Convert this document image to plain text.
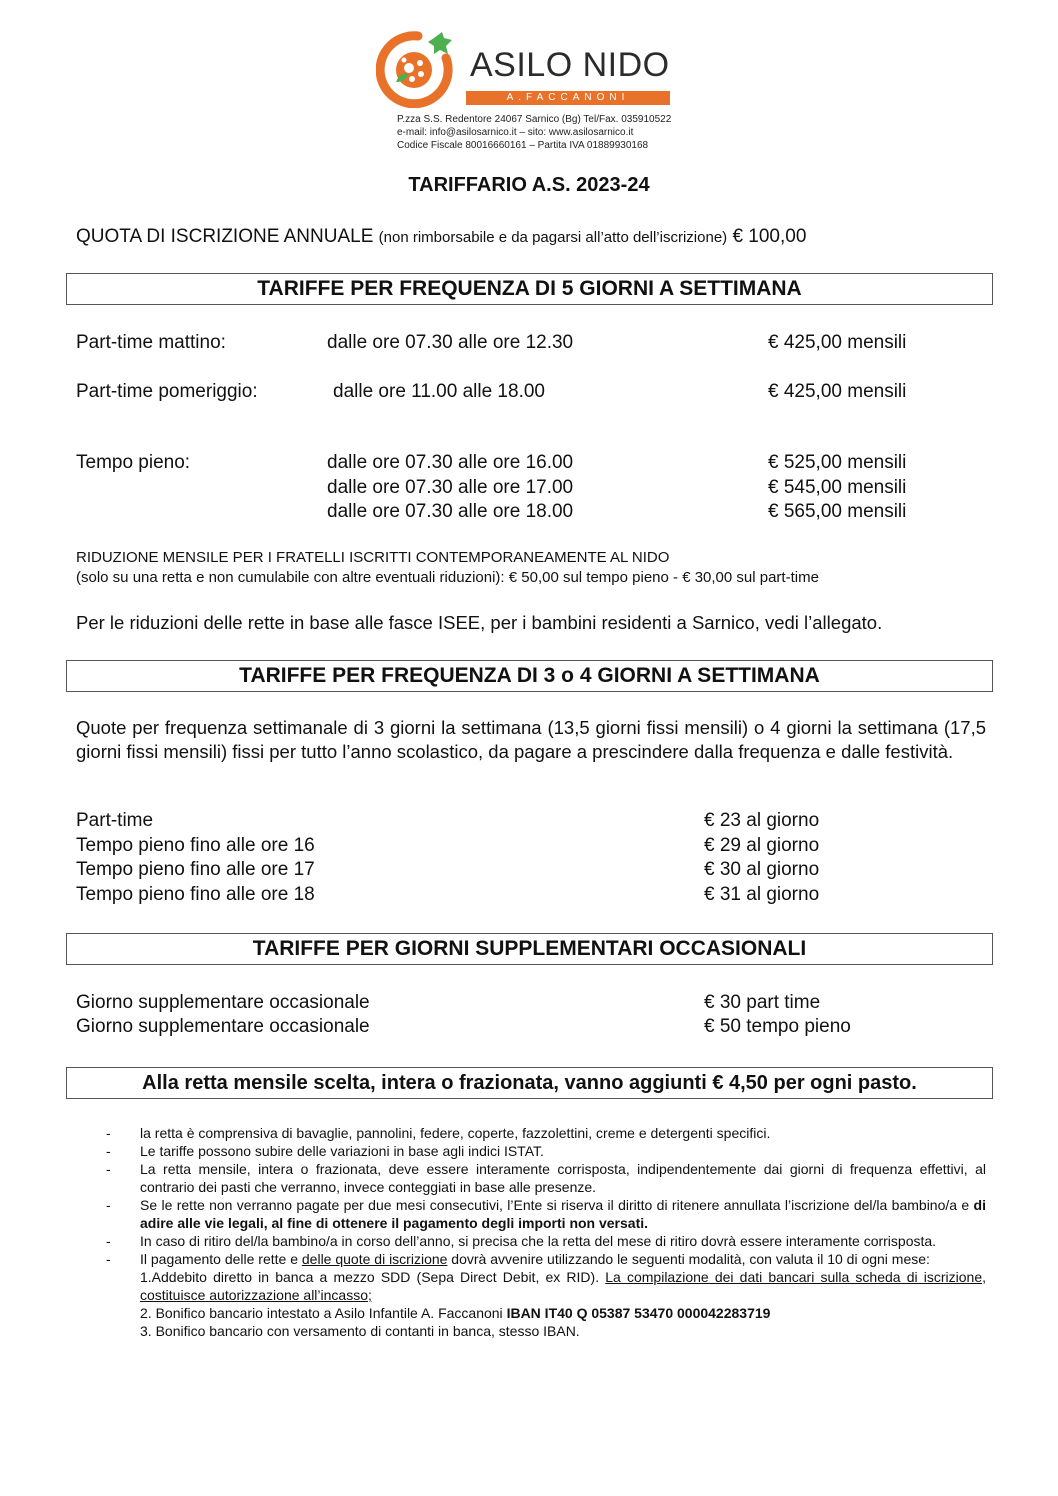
ASILO NIDO
A.FACCANONI
P.zza S.S. Redentore 24067 Sarnico (Bg) Tel/Fax. 035910522
e-mail: info@asilosarnico.it – sito: www.asilosarnico.it
Codice Fiscale 80016660161 – Partita IVA 01889930168
TARIFFARIO A.S. 2023-24
QUOTA DI ISCRIZIONE ANNUALE (non rimborsabile e da pagarsi all’atto dell’iscrizione) € 100,00
TARIFFE PER FREQUENZA DI 5 GIORNI A SETTIMANA
Part-time mattino:	dalle ore 07.30 alle ore 12.30	€ 425,00 mensili
Part-time pomeriggio:	dalle ore 11.00 alle 18.00	€ 425,00 mensili
Tempo pieno:	dalle ore 07.30 alle ore 16.00	€ 525,00 mensili
dalle ore 07.30 alle ore 17.00	€ 545,00 mensili
dalle ore 07.30 alle ore 18.00	€ 565,00 mensili
RIDUZIONE MENSILE PER I FRATELLI ISCRITTI CONTEMPORANEAMENTE AL NIDO
(solo su una retta e non cumulabile con altre eventuali riduzioni): € 50,00 sul tempo pieno - € 30,00 sul part-time
Per le riduzioni delle rette in base alle fasce ISEE, per i bambini residenti a Sarnico, vedi l’allegato.
TARIFFE PER FREQUENZA DI 3 o 4 GIORNI A SETTIMANA
Quote per frequenza settimanale di 3 giorni la settimana (13,5 giorni fissi mensili) o 4 giorni la settimana (17,5 giorni fissi mensili) fissi per tutto l’anno scolastico, da pagare a prescindere dalla frequenza e dalle festività.
Part-time	€ 23 al giorno
Tempo pieno fino alle ore 16	€ 29 al giorno
Tempo pieno fino alle ore 17	€ 30 al giorno
Tempo pieno fino alle ore 18	€ 31 al giorno
TARIFFE PER GIORNI SUPPLEMENTARI OCCASIONALI
Giorno supplementare occasionale	€ 30 part time
Giorno supplementare occasionale	€ 50 tempo pieno
Alla retta mensile scelta, intera o frazionata, vanno aggiunti € 4,50 per ogni pasto.
- la retta è comprensiva di bavaglie, pannolini, federe, coperte, fazzolettini, creme e detergenti specifici.
- Le tariffe possono subire delle variazioni in base agli indici ISTAT.
- La retta mensile, intera o frazionata, deve essere interamente corrisposta, indipendentemente dai giorni di frequenza effettivi, al contrario dei pasti che verranno, invece conteggiati in base alle presenze.
- Se le rette non verranno pagate per due mesi consecutivi, l’Ente si riserva il diritto di ritenere annullata l’iscrizione del/la bambino/a e di adire alle vie legali, al fine di ottenere il pagamento degli importi non versati.
- In caso di ritiro del/la bambino/a in corso dell’anno, si precisa che la retta del mese di ritiro dovrà essere interamente corrisposta.
- Il pagamento delle rette e delle quote di iscrizione dovrà avvenire utilizzando le seguenti modalità, con valuta il 10 di ogni mese:
1.Addebito diretto in banca a mezzo SDD (Sepa Direct Debit, ex RID). La compilazione dei dati bancari sulla scheda di iscrizione, costituisce autorizzazione all’incasso;
2. Bonifico bancario intestato a Asilo Infantile A. Faccanoni IBAN IT40 Q 05387 53470 000042283719
3. Bonifico bancario con versamento di contanti in banca, stesso IBAN.
